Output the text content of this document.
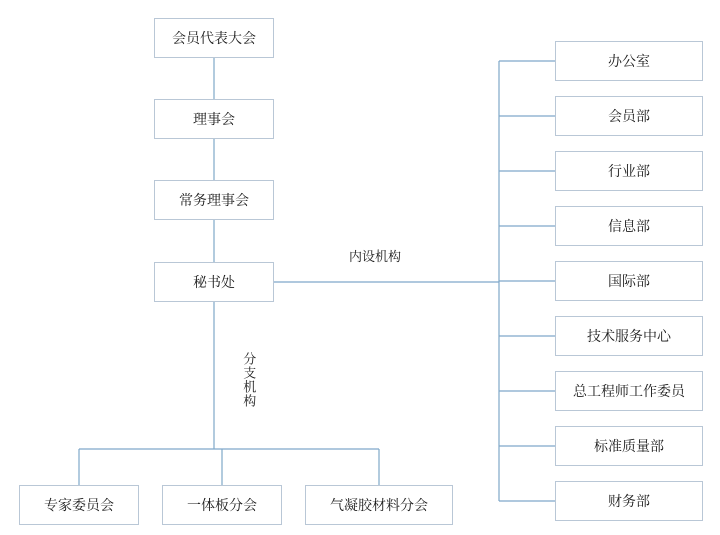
会员代表大会
理事会
常务理事会
秘书处
内设机构
分支机构
办公室
会员部
行业部
信息部
国际部
技术服务中心
总工程师工作委员
标准质量部
财务部
专家委员会	一体板分会	气凝胶材料分会
